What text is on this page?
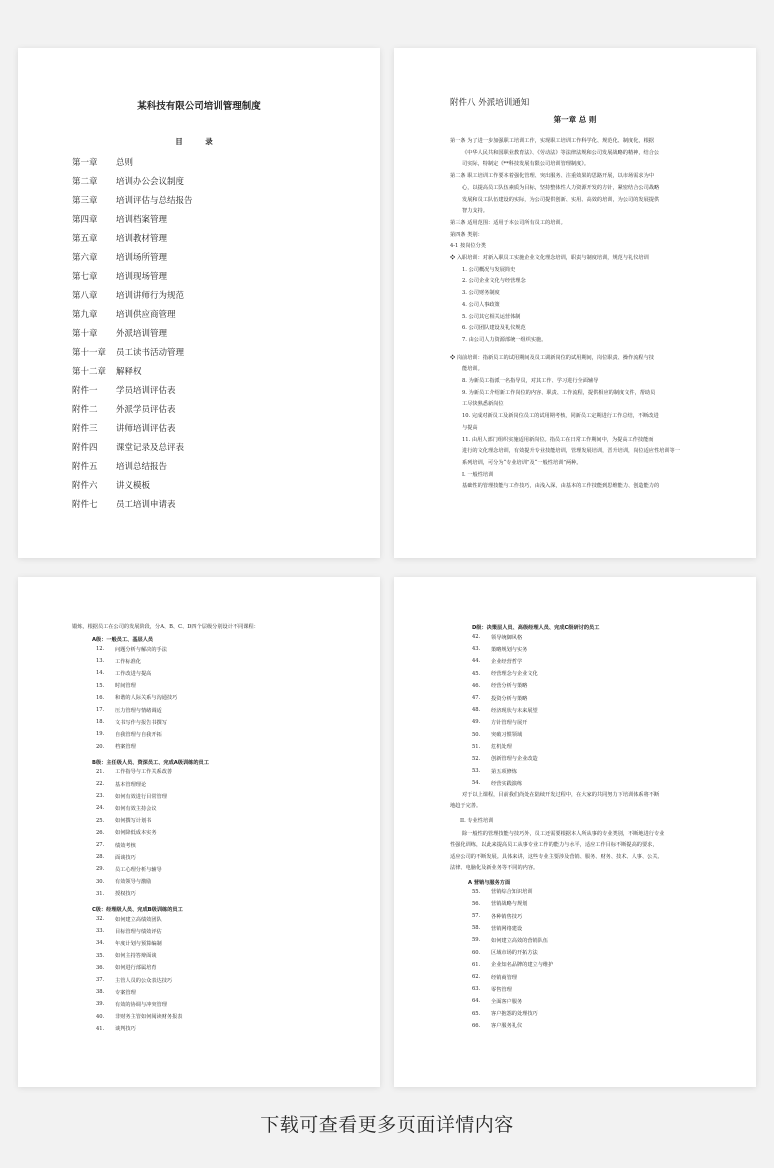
某科技有限公司培训管理制度
目 录
第一章	总则
第二章	培训办公会议制度
第三章	培训评估与总结报告
第四章	培训档案管理
第五章	培训教材管理
第六章	培训场所管理
第七章	培训现场管理
第八章	培训讲师行为规范
第九章	培训供应商管理
第十章	外派培训管理
第十一章	员工读书活动管理
第十二章	解释权
附件一	学员培训评估表
附件二	外派学员评估表
附件三	讲师培训评估表
附件四	课堂记录及总评表
附件五	培训总结报告
附件六	讲义模板
附件七	员工培训申请表
附件八 外派培训通知
第一章 总 则

第一条 为了进一步加强职工培训工作，实现职工培训工作科学化、规范化、制度化，根据

《中华人民共和国职业教育法》、《劳动法》等法律法规和公司发展战略的精神，结合公

司实际，特制定《**科技发展有限公司培训管理制度》。

第二条 职工培训工作要本着强化管理、突出服务、注重效果的思路开展，以市场需求为中

心，以提高员工队伍素质为目标，坚持整体性人力资源开发的方针，紧密结合公司战略

发展和员工队伍建设的实际，为公司提供创新、实用、高效的培训，为公司的发展提供

智力支持。

第三条 适用范围：适用于本公司所有员工的培训。

第四条 类别：

4-1 按岗位分类

❖ 入职培训：对新入职员工实施企业文化理念培训，职责与制度培训，规范与礼仪培训

1. 公司概况与发展简史

2. 公司企业文化与经营理念

3. 公司财务制度

4. 公司人事政策

5. 公司其它相关运营体制

6. 公司团队建设及礼仪规范

7. 由公司人力资源部统一组织实施。

❖ 岗前培训：指新员工的试用期间及员工调新岗位的试用期间，岗位职责、操作流程与技

能培训。

8. 为新员工指派一名指导员，对其工作、学习进行全面辅导

9. 为新员工介绍新工作岗位的内容、职责、工作流程，提供相应的制度文件，帮助员

工尽快熟悉新岗位

10. 完成对新员工及新岗位员工的试用期考核，同新员工定期进行工作总结，不断改进

与提高

11. 由用人部门组织实施适用新岗位。指员工在日常工作期间中，为提高工作技能而

进行的文化理念培训，有效提升专业技能培训，管理发展培训，晋升培训，岗位适应性培训等一

系列培训，可分为“专业培训”及“一般性培训”两种。

I. 一般性培训

基础性的管理技能与工作技巧，由浅入深，由基本的工作技能到思维能力、创造能力的

锻炼，根据员工在公司的发展阶段，分A、B、C、D四个层级分别设计不同课程：
A级：一般员工、基层人员
12.	问题分析与解决的手法
13.	工作标准化
14.	工作改进与提高
15.	时间管理
16.	和谐的人际关系与沟通技巧
17.	压力管理与情绪调适
18.	文书写作与报告书撰写
19.	自我管理与自我开拓
20.	档案管理
B级：主任级人员、资深员工、完成A级训练的员工
21.	工作指导与工作关系改善
22.	基本管理理论
23.	如何有效进行目常管理
24.	如何有效主持会议
25.	如何撰写计划书
26.	如何降低成本实务
27.	绩效考核
28.	面谈技巧
29.	员工心理分析与辅导
30.	有效领导与激励
31.	授权技巧
C级：经理级人员、完成B级训练的员工
32.	如何建立高绩效团队
33.	目标管理与绩效评估
34.	年度计划与预算编制
35.	如何主持答辩面谈
36.	如何进行部属培育
37.	主管人员的公众表达技巧
38.	专案管理
39.	有效的协调与冲突管理
40.	非财务主管如何阅读财务报表
41.	谈判技巧
D级：决策层人员、高级经理人员、完成C级研讨的员工
42.	领导统御风格
43.	策略规划与实务
44.	企业经营哲学
45.	经营理念与企业文化
46.	经营分析与策略
47.	投资分析与策略
48.	经济现状与未来展望
49.	方针管理与展开
50.	突破习惯领域
51.	危机处理
52.	创新管理与企业改造
53.	第五项修炼
54.	经营实践演练

对于以上课程，目前我们尚处在陆续开发过程中，在大家的共同努力下培训体系将不断

地趋于完善。

II. 专业性培训

除一般性的管理技能与技巧外，员工还需要根据本人所从事的专业类别，不断地进行专业

性强化训练，以此来提高员工从事专业工作的能力与水平，适应工作目标不断提高的要求，

适应公司的不断发展。具体来讲，这些专业主要涉及营销、服务、财务、技术、人事、公关、

法律、电脑化及新业务等不同的内容。

A 营销与服务方面
55.	营销综合知识培训
56.	营销战略与规划
57.	各种销售技巧
58.	营销网络建设
59.	如何建立高效的营销队伍
60.	区域市场的开拓方法
61.	企业知名品牌的建立与维护
62.	经销商管理
63.	零售管理
64.	全面客户服务
65.	客户抱怨的处理技巧
66.	客户服务礼仪
下载可查看更多页面详情内容
